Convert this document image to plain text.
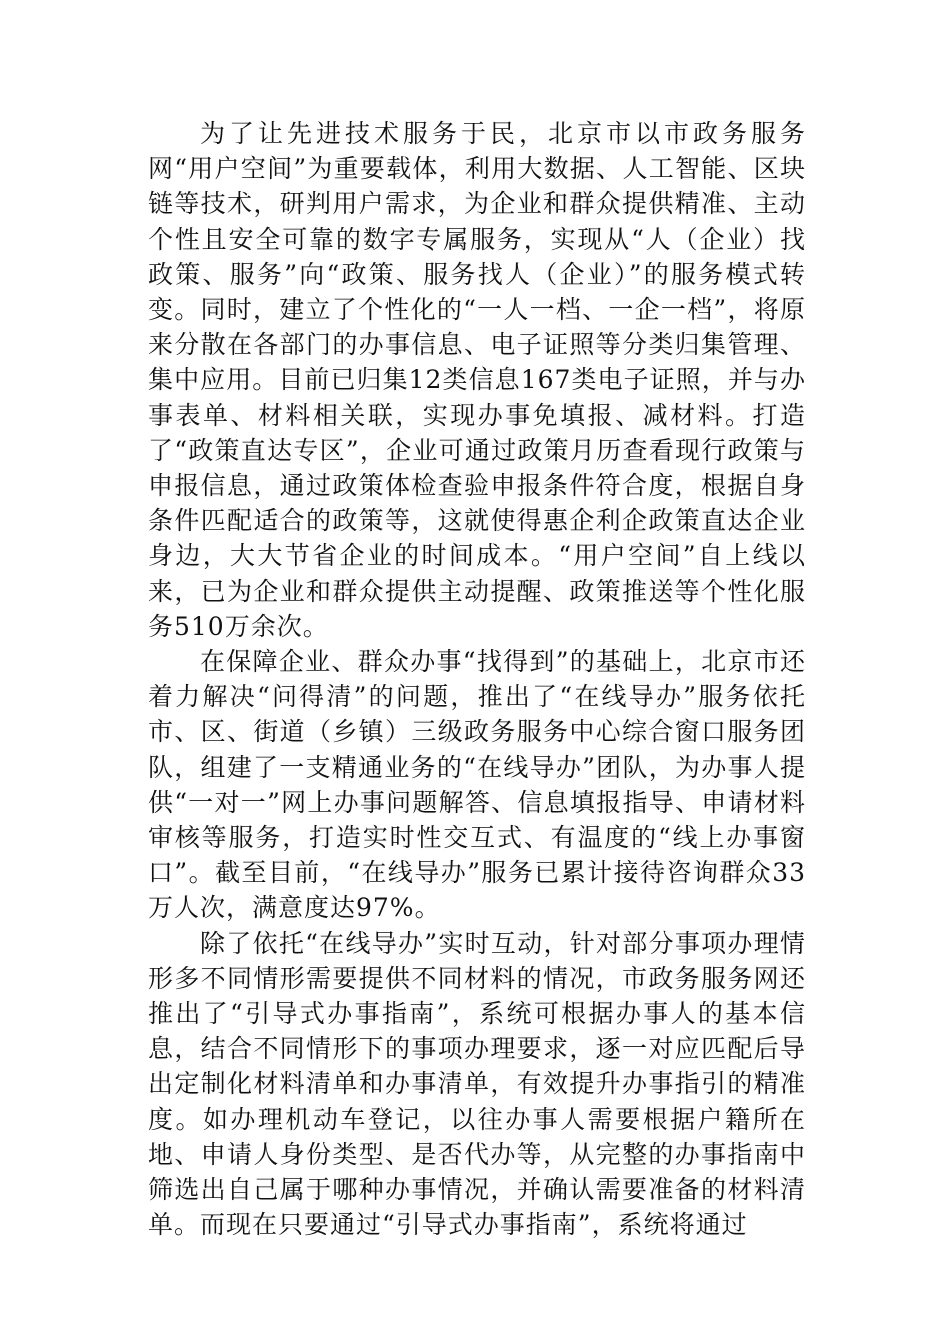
为了让先进技术服务于民，北京市以市政务服务网“用户空间”为重要载体，利用大数据、人工智能、区块链等技术，研判用户需求，为企业和群众提供精准、主动个性且安全可靠的数字专属服务，实现从“人（企业）找政策、服务”向“政策、服务找人（企业）”的服务模式转变。同时，建立了个性化的“一人一档、一企一档”，将原来分散在各部门的办事信息、电子证照等分类归集管理、集中应用。目前已归集12类信息167类电子证照，并与办事表单、材料相关联，实现办事免填报、减材料。打造了“政策直达专区”，企业可通过政策月历查看现行政策与申报信息，通过政策体检查验申报条件符合度，根据自身条件匹配适合的政策等，这就使得惠企利企政策直达企业身边，大大节省企业的时间成本。“用户空间”自上线以来，已为企业和群众提供主动提醒、政策推送等个性化服务510万余次。

在保障企业、群众办事“找得到”的基础上，北京市还着力解决“问得清”的问题，推出了“在线导办”服务依托市、区、街道（乡镇）三级政务服务中心综合窗口服务团队，组建了一支精通业务的“在线导办”团队，为办事人提供“一对一”网上办事问题解答、信息填报指导、申请材料审核等服务，打造实时性交互式、有温度的“线上办事窗口”。截至目前，“在线导办”服务已累计接待咨询群众33万人次，满意度达97%。

除了依托“在线导办”实时互动，针对部分事项办理情形多不同情形需要提供不同材料的情况，市政务服务网还推出了“引导式办事指南”，系统可根据办事人的基本信息，结合不同情形下的事项办理要求，逐一对应匹配后导出定制化材料清单和办事清单，有效提升办事指引的精准度。如办理机动车登记，以往办事人需要根据户籍所在地、申请人身份类型、是否代办等，从完整的办事指南中筛选出自己属于哪种办事情况，并确认需要准备的材料清单。而现在只要通过“引导式办事指南”，系统将通过
